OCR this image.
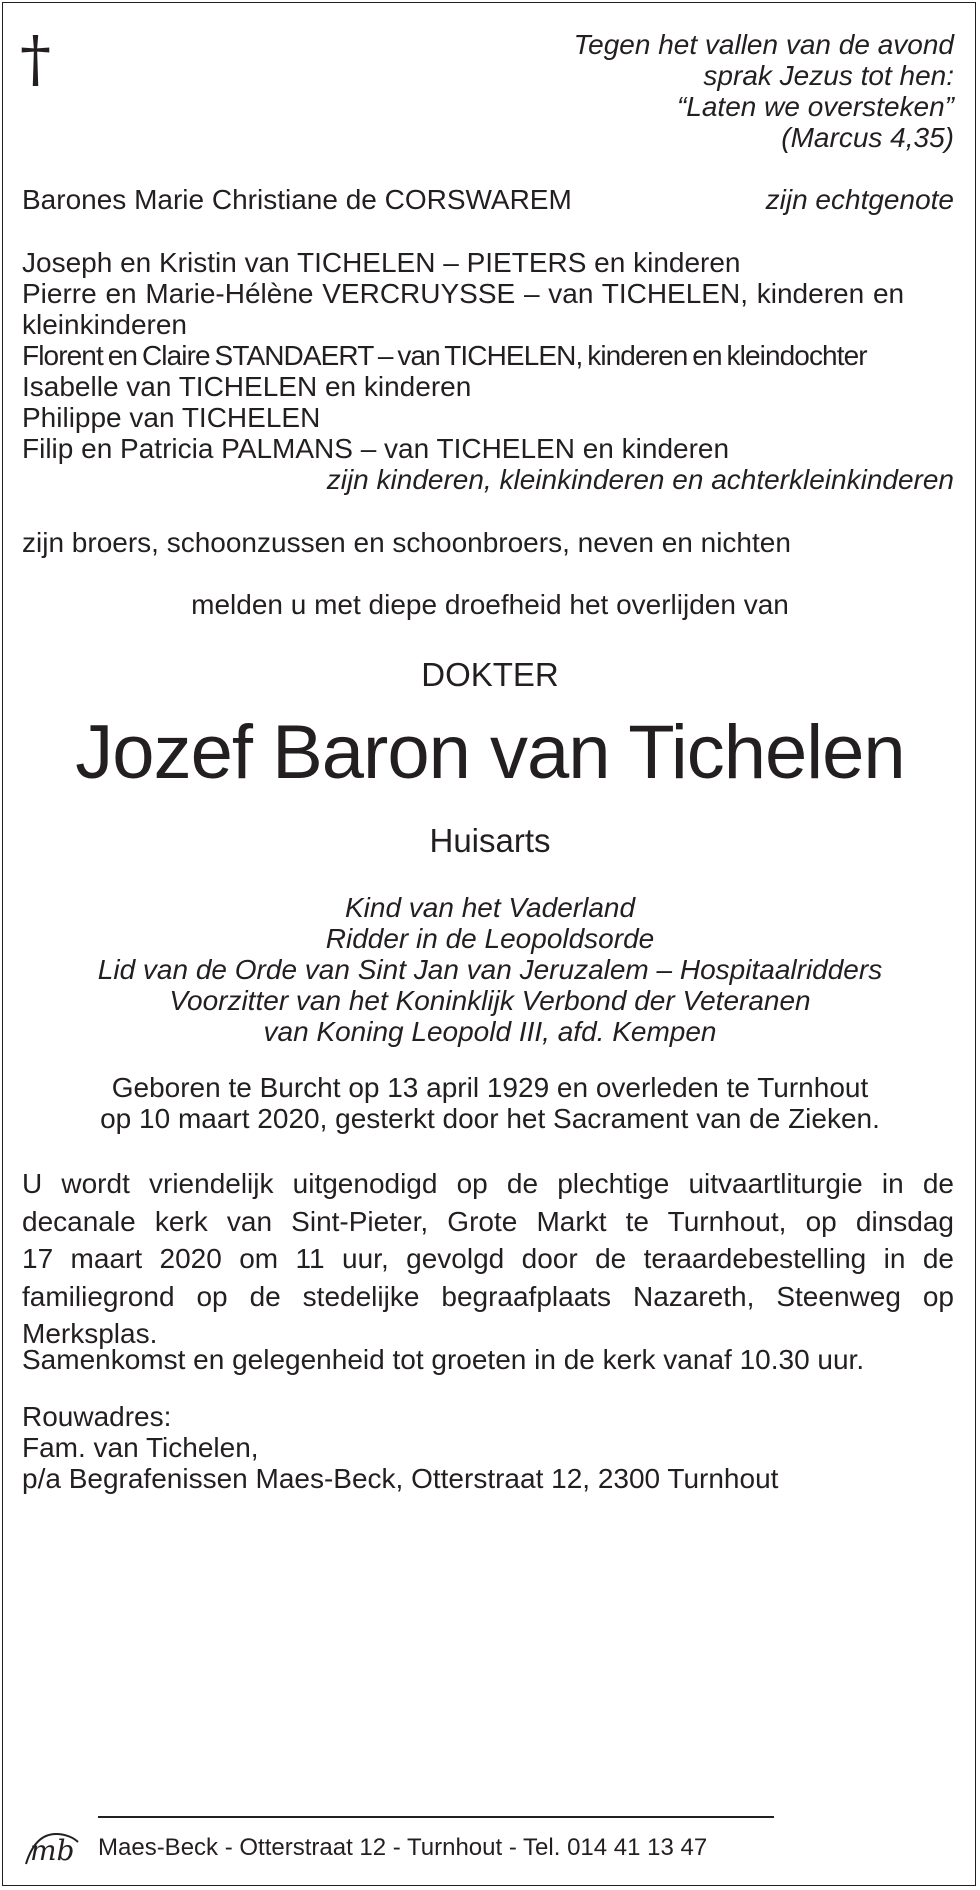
†	Tegen het vallen van de avond
sprak Jezus tot hen:
“Laten we oversteken”
(Marcus 4,35)
Barones Marie Christiane de CORSWAREM	zijn echtgenote
Joseph en Kristin van TICHELEN – PIETERS en kinderen
Pierre en Marie-Hélène VERCRUYSSE – van TICHELEN, kinderen en
kleinkinderen
Florent en Claire STANDAERT – van TICHELEN, kinderen en kleindochter
Isabelle van TICHELEN en kinderen
Philippe van TICHELEN
Filip en Patricia PALMANS – van TICHELEN en kinderen
zijn kinderen, kleinkinderen en achterkleinkinderen
zijn broers, schoonzussen en schoonbroers, neven en nichten
melden u met diepe droefheid het overlijden van
DOKTER
Jozef Baron van Tichelen
Huisarts
Kind van het Vaderland
Ridder in de Leopoldsorde
Lid van de Orde van Sint Jan van Jeruzalem – Hospitaalridders
Voorzitter van het Koninklijk Verbond der Veteranen
van Koning Leopold III, afd. Kempen
Geboren te Burcht op 13 april 1929 en overleden te Turnhout
op 10 maart 2020, gesterkt door het Sacrament van de Zieken.
U wordt vriendelijk uitgenodigd op de plechtige uitvaartliturgie in de
decanale kerk van Sint-Pieter, Grote Markt te Turnhout, op dinsdag
17 maart 2020 om 11 uur, gevolgd door de teraardebestelling in de
familiegrond op de stedelijke begraafplaats Nazareth, Steenweg op
Merksplas.
Samenkomst en gelegenheid tot groeten in de kerk vanaf 10.30 uur.
Rouwadres:
Fam. van Tichelen,
p/a Begrafenissen Maes-Beck, Otterstraat 12, 2300 Turnhout
mb Maes-Beck - Otterstraat 12 - Turnhout - Tel. 014 41 13 47
